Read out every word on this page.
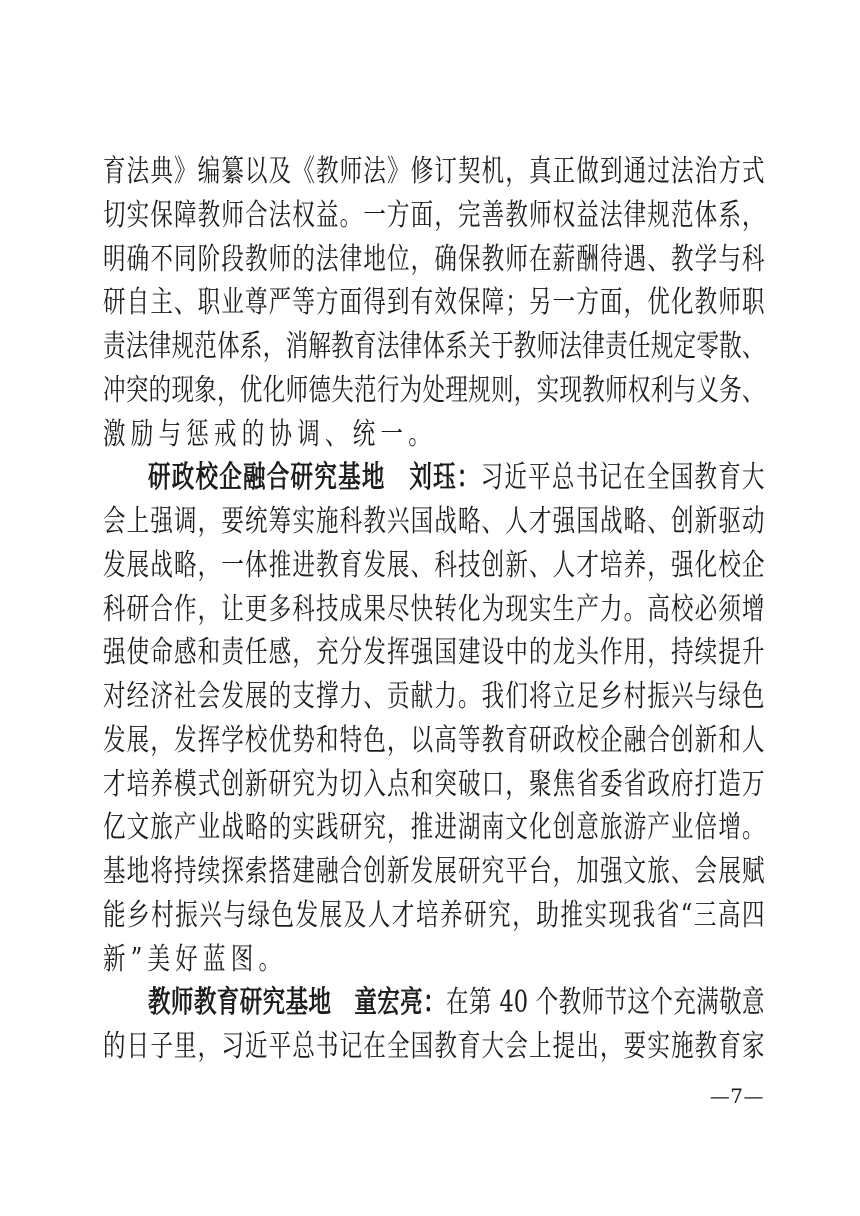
育法典》编纂以及《教师法》修订契机，真正做到通过法治方式
切实保障教师合法权益。一方面，完善教师权益法律规范体系，
明确不同阶段教师的法律地位，确保教师在薪酬待遇、教学与科
研自主、职业尊严等方面得到有效保障；另一方面，优化教师职
责法律规范体系，消解教育法律体系关于教师法律责任规定零散、
冲突的现象，优化师德失范行为处理规则，实现教师权利与义务、
激励与惩戒的协调、统一。
研政校企融合研究基地　刘珏：习近平总书记在全国教育大
会上强调，要统筹实施科教兴国战略、人才强国战略、创新驱动
发展战略，一体推进教育发展、科技创新、人才培养，强化校企
科研合作，让更多科技成果尽快转化为现实生产力。高校必须增
强使命感和责任感，充分发挥强国建设中的龙头作用，持续提升
对经济社会发展的支撑力、贡献力。我们将立足乡村振兴与绿色
发展，发挥学校优势和特色，以高等教育研政校企融合创新和人
才培养模式创新研究为切入点和突破口，聚焦省委省政府打造万
亿文旅产业战略的实践研究，推进湖南文化创意旅游产业倍增。
基地将持续探索搭建融合创新发展研究平台，加强文旅、会展赋
能乡村振兴与绿色发展及人才培养研究，助推实现我省“三高四
新”美好蓝图。
教师教育研究基地　童宏亮：在第 40 个教师节这个充满敬意
的日子里，习近平总书记在全国教育大会上提出，要实施教育家
—7—
